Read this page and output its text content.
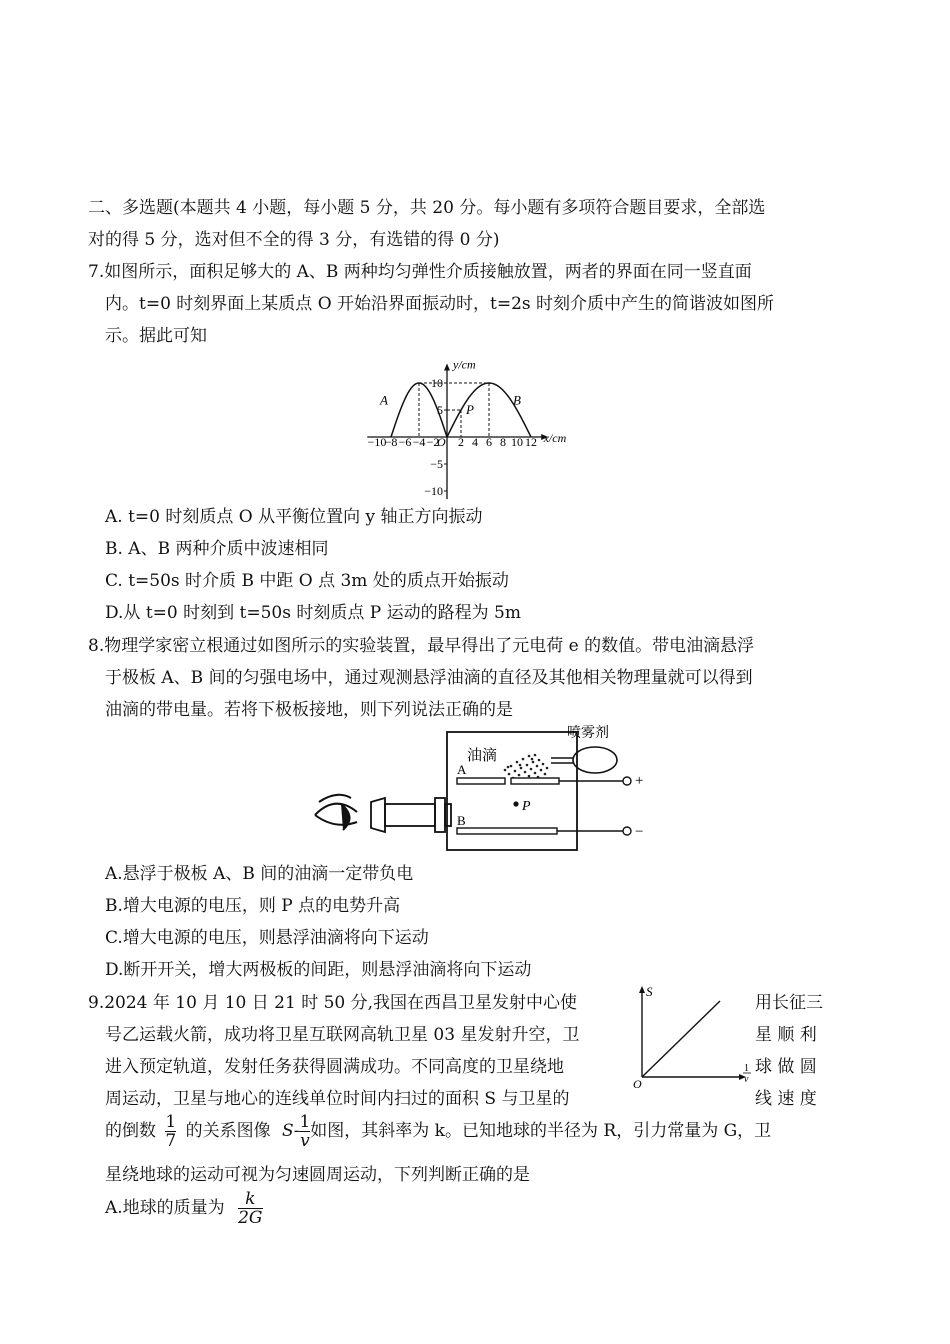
二、多选题(本题共 4 小题，每小题 5 分，共 20 分。每小题有多项符合题目要求，全部选
对的得 5 分，选对但不全的得 3 分，有选错的得 0 分)
7.如图所示，面积足够大的 A、B 两种均匀弹性介质接触放置，两者的界面在同一竖直面
内。t=0 时刻界面上某质点 O 开始沿界面振动时，t=2s 时刻介质中产生的简谐波如图所
示。据此可知
y/cm
x/cm
−10
−8 −6 −4 −2
O 2 4 6 8 10 12
10
5
−5
−10
A	B
P
A. t=0 时刻质点 O 从平衡位置向 y 轴正方向振动
B. A、B 两种介质中波速相同
C. t=50s 时介质 B 中距 O 点 3m 处的质点开始振动
D.从 t=0 时刻到 t=50s 时刻质点 P 运动的路程为 5m
8.物理学家密立根通过如图所示的实验装置，最早得出了元电荷 e 的数值。带电油滴悬浮
于极板 A、B 间的匀强电场中，通过观测悬浮油滴的直径及其他相关物理量就可以得到
油滴的带电量。若将下极板接地，则下列说法正确的是
油滴
喷雾剂
A
+
P
B
−
A.悬浮于极板 A、B 间的油滴一定带负电
B.增大电源的电压，则 P 点的电势升高
C.增大电源的电压，则悬浮油滴将向下运动
D.断开开关，增大两极板的间距，则悬浮油滴将向下运动
9.2024 年 10 月 10 日 21 时 50 分,我国在西昌卫星发射中心使	用长征三
号乙运载火箭，成功将卫星互联网高轨卫星 03 星发射升空，卫	星 顺 利
进入预定轨道，发射任务获得圆满成功。不同高度的卫星绕地	球 做 圆
周运动，卫星与地心的连线单位时间内扫过的面积 S 与卫星的	线 速 度
S
O
1
v
的倒数 $\frac{1}{7}$ 的关系图像 $S- \frac{1}{v}$ 如图，其斜率为 k。已知地球的半径为 R，引力常量为 G，卫
星绕地球的运动可视为匀速圆周运动，下列判断正确的是
A.地球的质量为 $\frac{k}{2G}$
